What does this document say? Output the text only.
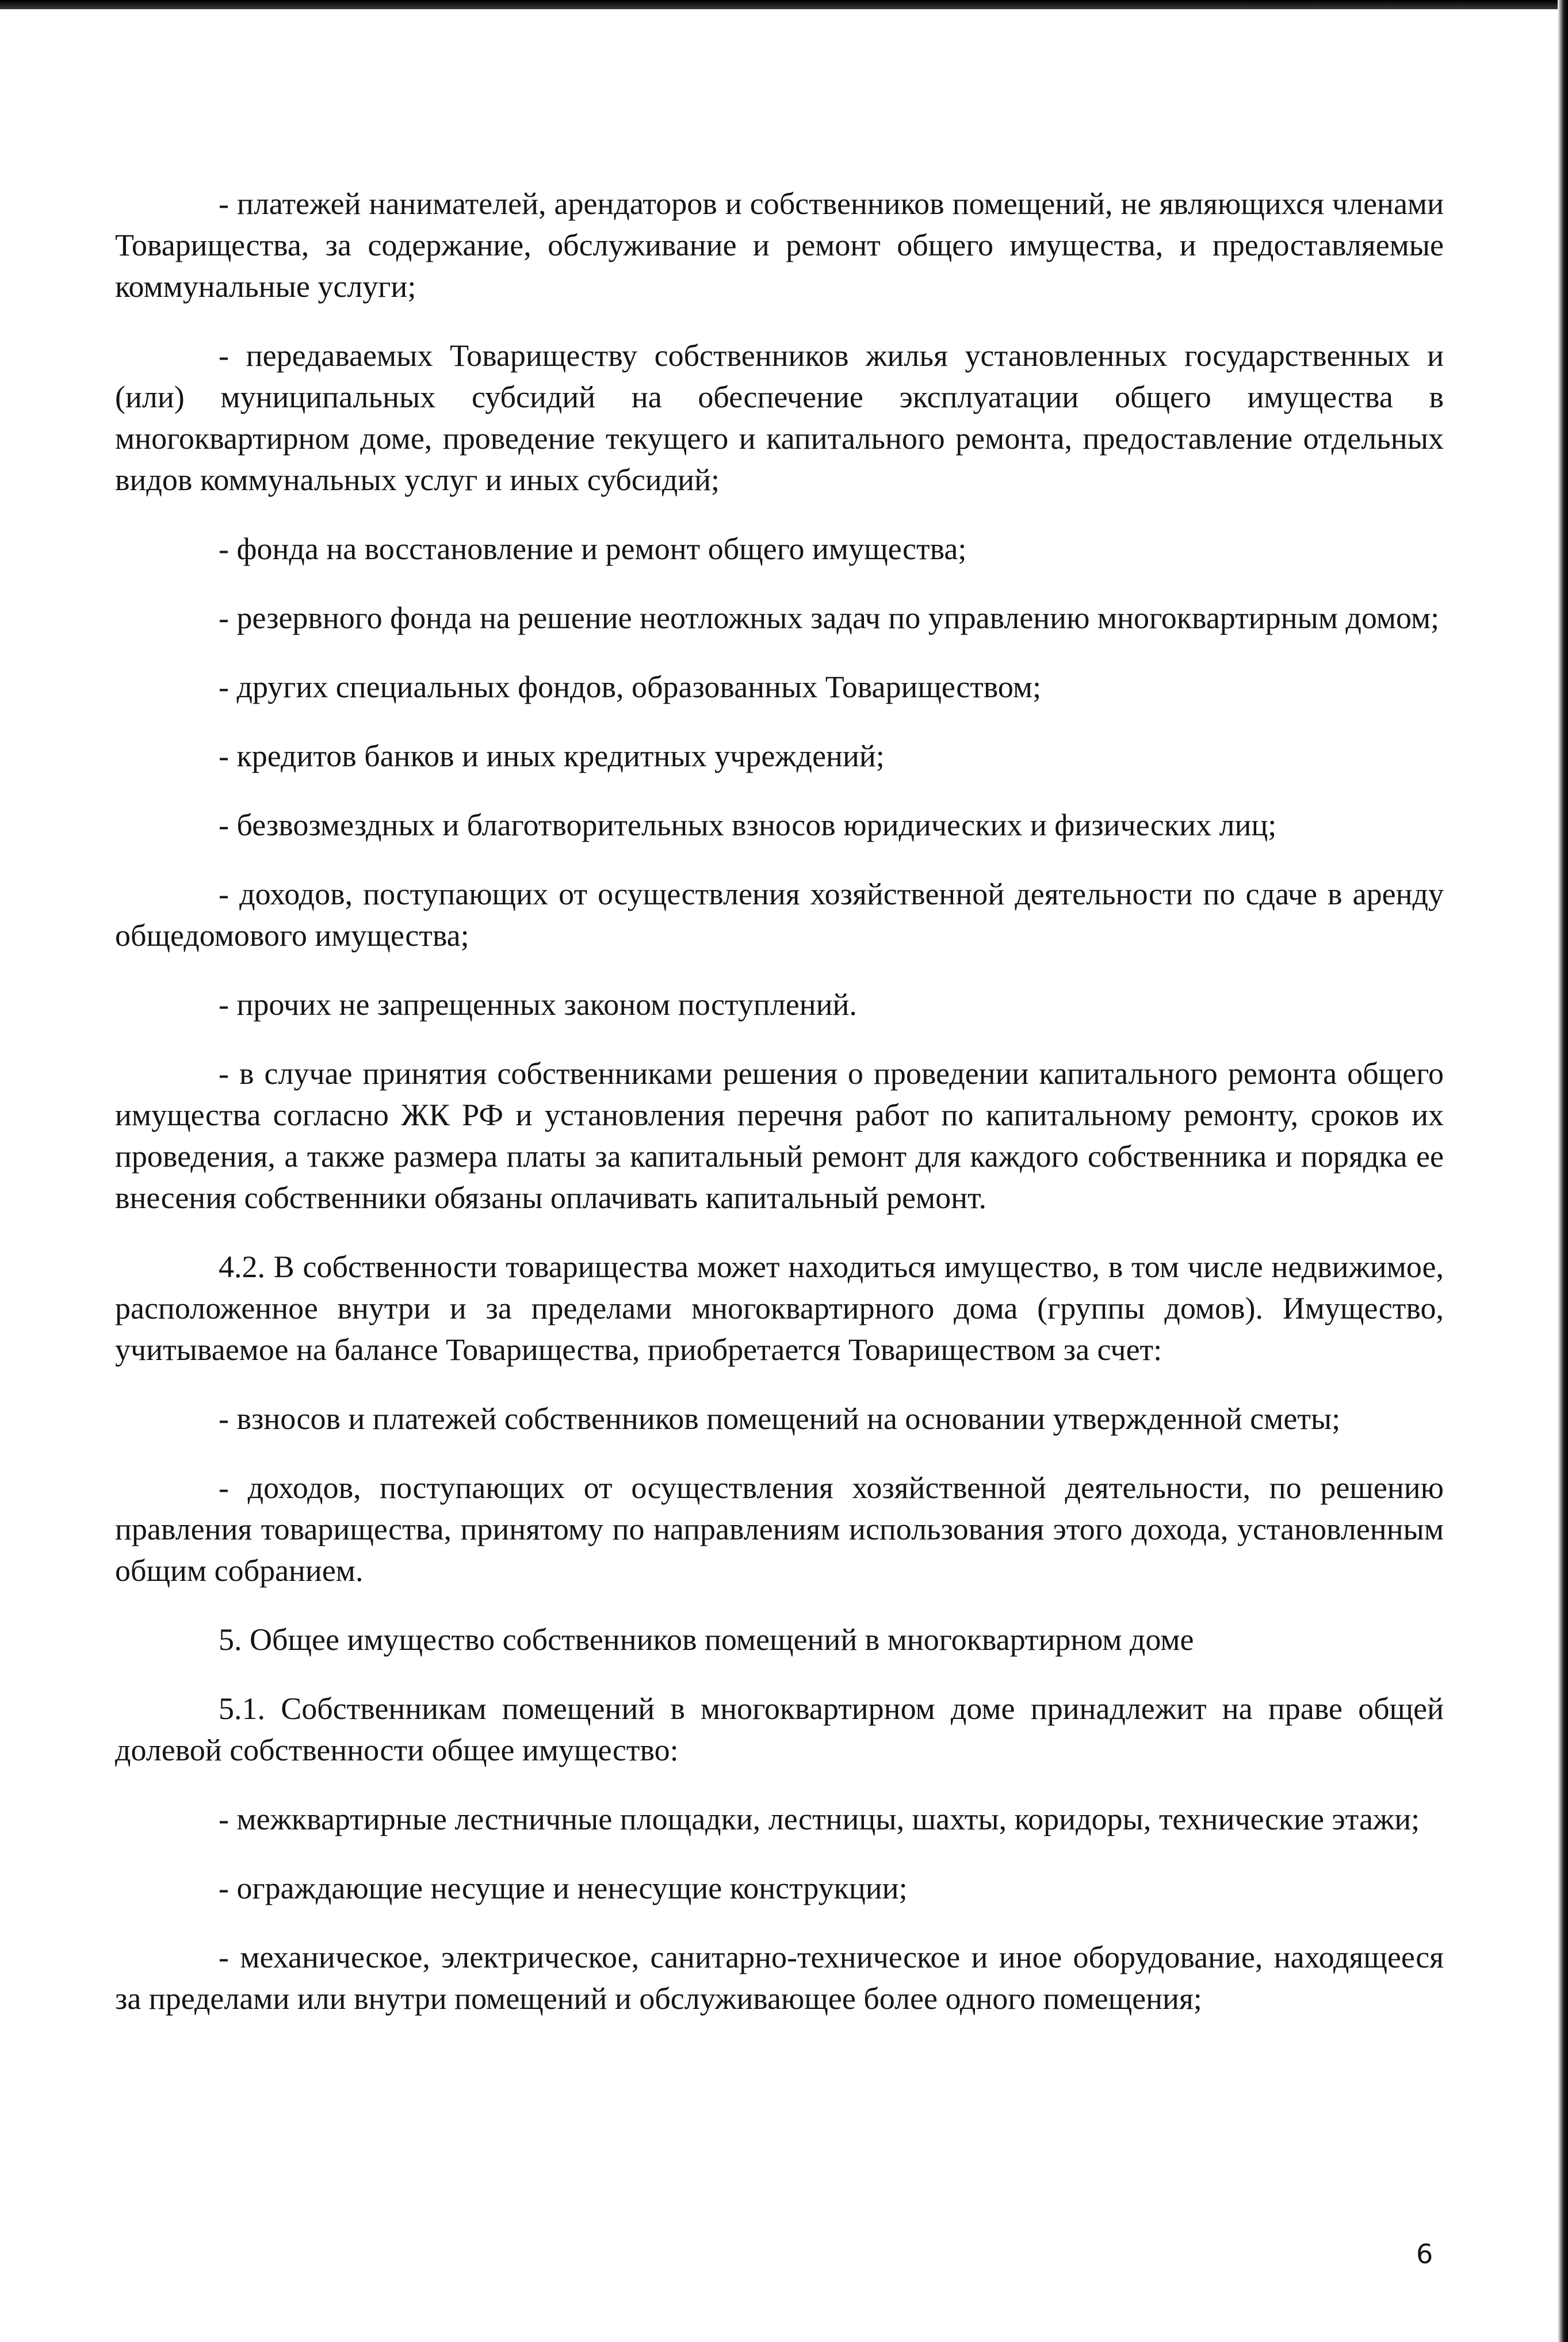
- платежей нанимателей, арендаторов и собственников помещений, не являющихся членами Товарищества, за содержание, обслуживание и ремонт общего имущества, и предоставляемые коммунальные услуги;

- передаваемых Товариществу собственников жилья установленных государственных и (или) муниципальных субсидий на обеспечение эксплуатации общего имущества в многоквартирном доме, проведение текущего и капитального ремонта, предоставление отдельных видов коммунальных услуг и иных субсидий;

- фонда на восстановление и ремонт общего имущества;

- резервного фонда на решение неотложных задач по управлению многоквартирным домом;

- других специальных фондов, образованных Товариществом;

- кредитов банков и иных кредитных учреждений;

- безвозмездных и благотворительных взносов юридических и физических лиц;

- доходов, поступающих от осуществления хозяйственной деятельности по сдаче в аренду общедомового имущества;

- прочих не запрещенных законом поступлений.

- в случае принятия собственниками решения о проведении капитального ремонта общего имущества согласно ЖК РФ и установления перечня работ по капитальному ремонту, сроков их проведения, а также размера платы за капитальный ремонт для каждого собственника и порядка ее внесения собственники обязаны оплачивать капитальный ремонт.

4.2. В собственности товарищества может находиться имущество, в том числе недвижимое, расположенное внутри и за пределами многоквартирного дома (группы домов). Имущество, учитываемое на балансе Товарищества, приобретается Товариществом за счет:

- взносов и платежей собственников помещений на основании утвержденной сметы;

- доходов, поступающих от осуществления хозяйственной деятельности, по решению правления товарищества, принятому по направлениям использования этого дохода, установленным общим собранием.

5. Общее имущество собственников помещений в многоквартирном доме

5.1. Собственникам помещений в многоквартирном доме принадлежит на праве общей долевой собственности общее имущество:

- межквартирные лестничные площадки, лестницы, шахты, коридоры, технические этажи;

- ограждающие несущие и ненесущие конструкции;

- механическое, электрическое, санитарно-техническое и иное оборудование, находящееся за пределами или внутри помещений и обслуживающее более одного помещения;

6
